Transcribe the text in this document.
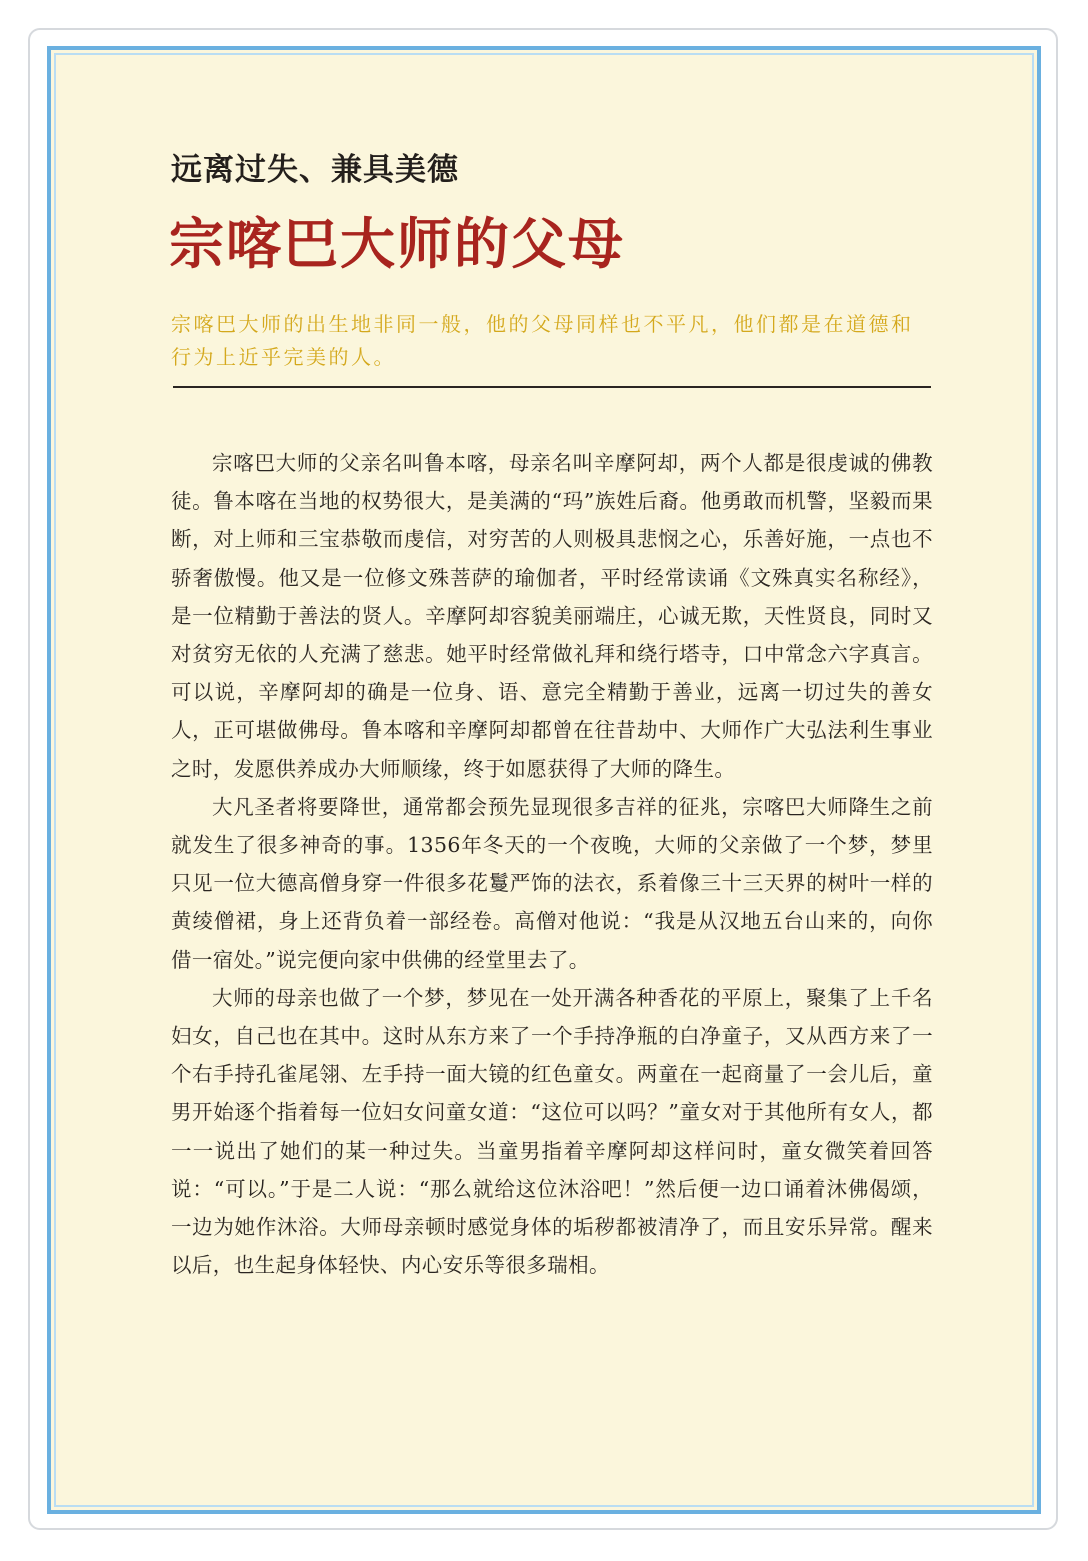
远离过失、兼具美德
宗喀巴大师的父母

宗喀巴大师的出生地非同一般，他的父母同样也不平凡，他们都是在道德和行为上近乎完美的人。

宗喀巴大师的父亲名叫鲁本喀，母亲名叫辛摩阿却，两个人都是很虔诚的佛教徒。鲁本喀在当地的权势很大，是美满的“玛”族姓后裔。他勇敢而机警，坚毅而果断，对上师和三宝恭敬而虔信，对穷苦的人则极具悲悯之心，乐善好施，一点也不骄奢傲慢。他又是一位修文殊菩萨的瑜伽者，平时经常读诵《文殊真实名称经》，是一位精勤于善法的贤人。辛摩阿却容貌美丽端庄，心诚无欺，天性贤良，同时又对贫穷无依的人充满了慈悲。她平时经常做礼拜和绕行塔寺，口中常念六字真言。可以说，辛摩阿却的确是一位身、语、意完全精勤于善业，远离一切过失的善女人，正可堪做佛母。鲁本喀和辛摩阿却都曾在往昔劫中、大师作广大弘法利生事业之时，发愿供养成办大师顺缘，终于如愿获得了大师的降生。

大凡圣者将要降世，通常都会预先显现很多吉祥的征兆，宗喀巴大师降生之前就发生了很多神奇的事。1356年冬天的一个夜晚，大师的父亲做了一个梦，梦里只见一位大德高僧身穿一件很多花鬘严饰的法衣，系着像三十三天界的树叶一样的黄绫僧裙，身上还背负着一部经卷。高僧对他说：“我是从汉地五台山来的，向你借一宿处。”说完便向家中供佛的经堂里去了。

大师的母亲也做了一个梦，梦见在一处开满各种香花的平原上，聚集了上千名妇女，自己也在其中。这时从东方来了一个手持净瓶的白净童子，又从西方来了一个右手持孔雀尾翎、左手持一面大镜的红色童女。两童在一起商量了一会儿后，童男开始逐个指着每一位妇女问童女道：“这位可以吗？”童女对于其他所有女人，都一一说出了她们的某一种过失。当童男指着辛摩阿却这样问时，童女微笑着回答说：“可以。”于是二人说：“那么就给这位沐浴吧！”然后便一边口诵着沐佛偈颂，一边为她作沐浴。大师母亲顿时感觉身体的垢秽都被清净了，而且安乐异常。醒来以后，也生起身体轻快、内心安乐等很多瑞相。
